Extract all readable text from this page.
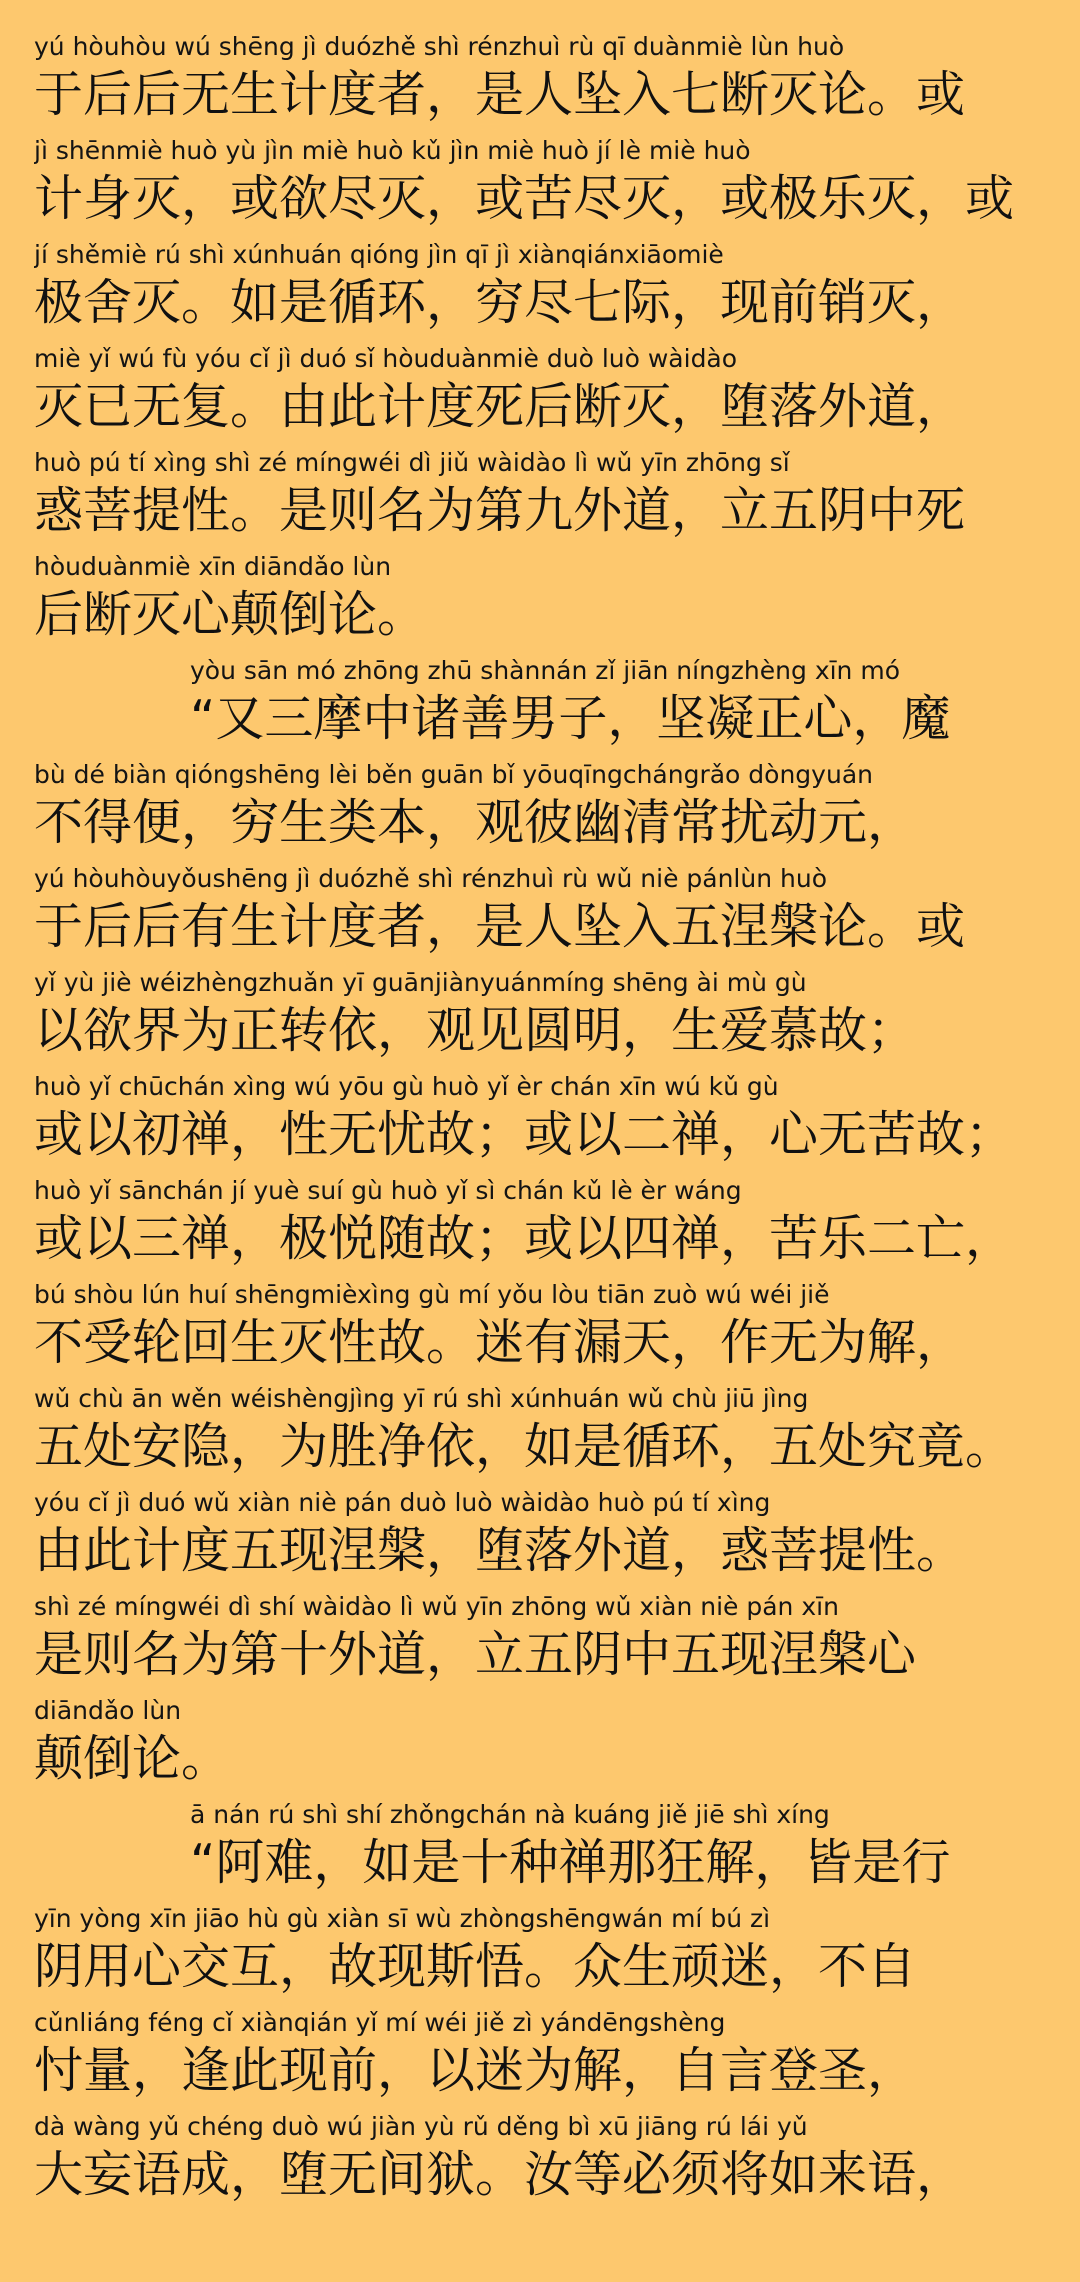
yú hòuhòu wú shēng jì duózhě shì rénzhuì rù qī duànmiè lùn huò
于后后无生计度者，是人坠入七断灭论。或
jì shēnmiè huò yù jìn miè huò kǔ jìn miè huò jí lè miè huò
计身灭，或欲尽灭，或苦尽灭，或极乐灭，或
jí shěmiè rú shì xúnhuán qióng jìn qī jì xiànqiánxiāomiè
极舍灭。如是循环，穷尽七际，现前销灭，
miè yǐ wú fù yóu cǐ jì duó sǐ hòuduànmiè duò luò wàidào
灭已无复。由此计度死后断灭，堕落外道，
huò pú tí xìng shì zé míngwéi dì jiǔ wàidào lì wǔ yīn zhōng sǐ
惑菩提性。是则名为第九外道，立五阴中死
hòuduànmiè xīn diāndǎo lùn
后断灭心颠倒论。
yòu sān mó zhōng zhū shànnán zǐ jiān níngzhèng xīn mó
“又三摩中诸善男子，坚凝正心，魔
bù dé biàn qióngshēng lèi běn guān bǐ yōuqīngchángrǎo dòngyuán
不得便，穷生类本，观彼幽清常扰动元，
yú hòuhòuyǒushēng jì duózhě shì rénzhuì rù wǔ niè pánlùn huò
于后后有生计度者，是人坠入五涅槃论。或
yǐ yù jiè wéizhèngzhuǎn yī guānjiànyuánmíng shēng ài mù gù
以欲界为正转依，观见圆明，生爱慕故；
huò yǐ chūchán xìng wú yōu gù huò yǐ èr chán xīn wú kǔ gù
或以初禅，性无忧故；或以二禅，心无苦故；
huò yǐ sānchán jí yuè suí gù huò yǐ sì chán kǔ lè èr wáng
或以三禅，极悦随故；或以四禅，苦乐二亡，
bú shòu lún huí shēngmièxìng gù mí yǒu lòu tiān zuò wú wéi jiě
不受轮回生灭性故。迷有漏天，作无为解，
wǔ chù ān wěn wéishèngjìng yī rú shì xúnhuán wǔ chù jiū jìng
五处安隐，为胜净依，如是循环，五处究竟。
yóu cǐ jì duó wǔ xiàn niè pán duò luò wàidào huò pú tí xìng
由此计度五现涅槃，堕落外道，惑菩提性。
shì zé míngwéi dì shí wàidào lì wǔ yīn zhōng wǔ xiàn niè pán xīn
是则名为第十外道，立五阴中五现涅槃心
diāndǎo lùn
颠倒论。
ā nán rú shì shí zhǒngchán nà kuáng jiě jiē shì xíng
“阿难，如是十种禅那狂解，皆是行
yīn yòng xīn jiāo hù gù xiàn sī wù zhòngshēngwán mí bú zì
阴用心交互，故现斯悟。众生顽迷，不自
cǔnliáng féng cǐ xiànqián yǐ mí wéi jiě zì yándēngshèng
忖量，逢此现前，以迷为解，自言登圣，
dà wàng yǔ chéng duò wú jiàn yù rǔ děng bì xū jiāng rú lái yǔ
大妄语成，堕无间狱。汝等必须将如来语，
